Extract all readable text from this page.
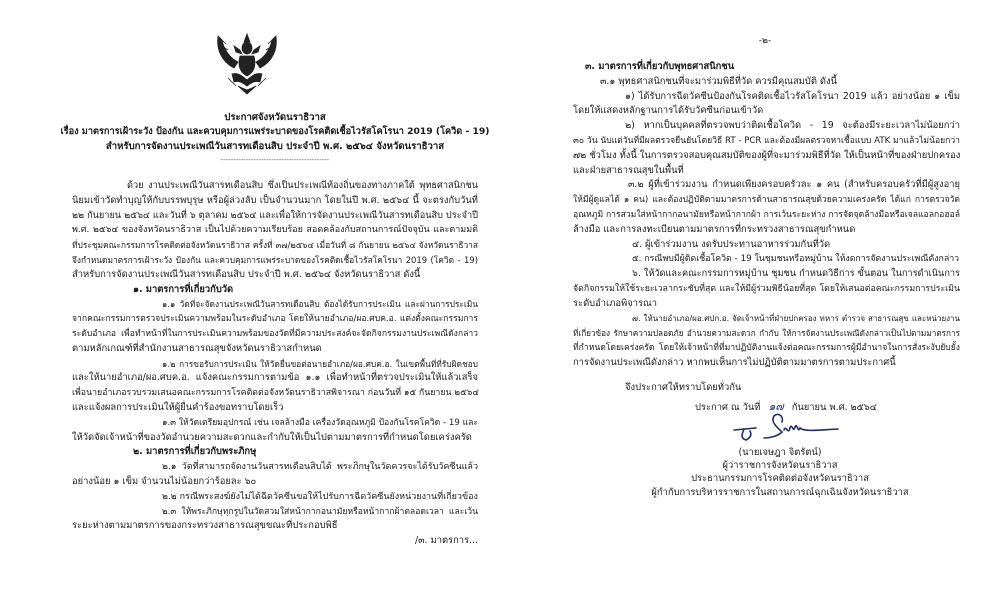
ประกาศจังหวัดนราธิวาส
เรื่อง มาตรการเฝ้าระวัง ป้องกัน และควบคุมการแพร่ระบาดของโรคติดเชื้อไวรัสโคโรนา 2019 (โควิด - 19)
สำหรับการจัดงานประเพณีวันสารทเดือนสิบ ประจำปี พ.ศ. ๒๕๖๔ จังหวัดนราธิวาส
-------------------------------------------
ด้วย งานประเพณีวันสารทเดือนสิบ ซึ่งเป็นประเพณีท้องถิ่นของทางภาคใต้ พุทธศาสนิกชน
นิยมเข้าวัดทำบุญให้กับบรรพบุรุษ หรือผู้ล่วงลับ เป็นจำนวนมาก โดยในปี พ.ศ. ๒๕๖๔ นี้ จะตรงกับวันที่
๒๒ กันยายน ๒๕๖๔ และวันที่ ๖ ตุลาคม ๒๕๖๔ และเพื่อให้การจัดงานประเพณีวันสารทเดือนสิบ ประจำปี
พ.ศ. ๒๕๖๔ ของจังหวัดนราธิวาส เป็นไปด้วยความเรียบร้อย สอดคล้องกับสถานการณ์ปัจจุบัน และตามมติ
ที่ประชุมคณะกรรมการโรคติดต่อจังหวัดนราธิวาส ครั้งที่ ๓๗/๒๕๖๔ เมื่อวันที่ ๘ กันยายน ๒๕๖๔ จังหวัดนราธิวาส
จึงกำหนดมาตรการเฝ้าระวัง ป้องกัน และควบคุมการแพร่ระบาดของโรคติดเชื้อไวรัสโคโรนา 2019 (โควิด - 19)
สำหรับการจัดงานประเพณีวันสารทเดือนสิบ ประจำปี พ.ศ. ๒๕๖๔ จังหวัดนราธิวาส ดังนี้
๑. มาตรการที่เกี่ยวกับวัด
๑.๑ วัดที่จะจัดงานประเพณีวันสารทเดือนสิบ ต้องได้รับการประเมิน และผ่านการประเมิน
จากคณะกรรมการตรวจประเมินความพร้อมในระดับอำเภอ โดยให้นายอำเภอ/ผอ.ศบค.อ. แต่งตั้งคณะกรรมการ
ระดับอำเภอ เพื่อทำหน้าที่ในการประเมินความพร้อมของวัดที่มีความประสงค์จะจัดกิจกรรมงานประเพณีดังกล่าว
ตามหลักเกณฑ์ที่สำนักงานสาธารณสุขจังหวัดนราธิวาสกำหนด
๑.๒ การขอรับการประเมิน ให้วัดยื่นขอต่อนายอำเภอ/ผอ.ศบค.อ. ในเขตพื้นที่ที่รับผิดชอบ
และให้นายอำเภอ/ผอ.ศบค.อ. แจ้งคณะกรรมการตามข้อ ๑.๑ เพื่อทำหน้าที่ตรวจประเมินให้แล้วเสร็จ
เพื่อนายอำเภอรวบรวมเสนอคณะกรรมการโรคติดต่อจังหวัดนราธิวาสพิจารณา ก่อนวันที่ ๑๕ กันยายน ๒๕๖๔
และแจ้งผลการประเมินให้ผู้ยื่นคำร้องขอทราบโดยเร็ว
๑.๓ ให้วัดเตรียมอุปกรณ์ เช่น เจลล้างมือ เครื่องวัดอุณหภูมิ ป้องกันโรคโควิด - 19 และ
ให้วัดจัดเจ้าหน้าที่ของวัดอำนวยความสะดวกและกำกับให้เป็นไปตามมาตรการที่กำหนดโดยเคร่งครัด
๒. มาตรการที่เกี่ยวกับพระภิกษุ
๒.๑ วัดที่สามารถจัดงานวันสารทเดือนสิบได้ พระภิกษุในวัดควรจะได้รับวัคซีนแล้ว
อย่างน้อย ๑ เข็ม จำนวนไม่น้อยกว่าร้อยละ ๖๐
๒.๒ กรณีพระสงฆ์ยังไม่ได้ฉีดวัคซีนขอให้ไปรับการฉีดวัคซีนยังหน่วยงานที่เกี่ยวข้อง
๒.๓ ให้พระภิกษุทุกรูปในวัดสวมใส่หน้ากากอนามัยหรือหน้ากากผ้าตลอดเวลา และเว้น
ระยะห่างตามมาตรการของกระทรวงสาธารณสุขขณะที่ประกอบพิธี
/๓. มาตรการ...
-๒-
๓. มาตรการที่เกี่ยวกับพุทธศาสนิกชน
๓.๑ พุทธศาสนิกชนที่จะมาร่วมพิธีที่วัด ควรมีคุณสมบัติ ดังนี้
๑) ได้รับการฉีดวัคซีนป้องกันโรคติดเชื้อไวรัสโคโรนา 2019 แล้ว อย่างน้อย ๑ เข็ม
โดยให้แสดงหลักฐานการได้รับวัคซีนก่อนเข้าวัด
๒) หากเป็นบุคคลที่ตรวจพบว่าติดเชื้อโควิด - 19 จะต้องมีระยะเวลาไม่น้อยกว่า
๓๐ วัน นับแต่วันที่มีผลตรวจยืนยันโดยวิธี RT - PCR และต้องมีผลตรวจหาเชื้อแบบ ATK มาแล้วไม่น้อยกว่า
๗๒ ชั่วโมง ทั้งนี้ ในการตรวจสอบคุณสมบัติของผู้ที่จะมาร่วมพิธีที่วัด ให้เป็นหน้าที่ของฝ่ายปกครอง
และฝ่ายสาธารณสุขในพื้นที่
๓.๒ ผู้ที่เข้าร่วมงาน กำหนดเพียงครอบครัวละ ๑ คน (สำหรับครอบครัวที่มีผู้สูงอายุ
ให้มีผู้ดูแลได้ ๑ คน) และต้องปฏิบัติตามมาตรการด้านสาธารณสุขด้วยความเคร่งครัด ได้แก่ การตรวจวัด
อุณหภูมิ การสวมใส่หน้ากากอนามัยหรือหน้ากากผ้า การเว้นระยะห่าง การจัดจุดล้างมือหรือเจลแอลกอฮอล์
ล้างมือ และการลงทะเบียนตามมาตรการที่กระทรวงสาธารณสุขกำหนด
๔. ผู้เข้าร่วมงาน งดรับประทานอาหารร่วมกันที่วัด
๕. กรณีพบมีผู้ติดเชื้อโควิด - 19 ในชุมชนหรือหมู่บ้าน ให้งดการจัดงานประเพณีดังกล่าว
๖. ให้วัดและคณะกรรมการหมู่บ้าน ชุมชน กำหนดวิธีการ ขั้นตอน ในการดำเนินการ
จัดกิจกรรมให้ใช้ระยะเวลากระชับที่สุด และให้มีผู้ร่วมพิธีน้อยที่สุด โดยให้เสนอต่อคณะกรรมการประเมิน
ระดับอำเภอพิจารณา
๗. ให้นายอำเภอ/ผอ.ศปก.อ. จัดเจ้าหน้าที่ฝ่ายปกครอง ทหาร ตำรวจ สาธารณสุข และหน่วยงาน
ที่เกี่ยวข้อง รักษาความปลอดภัย อำนวยความสะดวก กำกับ ให้การจัดงานประเพณีดังกล่าวเป็นไปตามมาตรการ
ที่กำหนดโดยเคร่งครัด โดยให้เจ้าหน้าที่ที่มาปฏิบัติงานแจ้งต่อคณะกรรมการผู้มีอำนาจในการสั่งระงับยับยั้ง
การจัดงานประเพณีดังกล่าว หากพบเห็นการไม่ปฏิบัติตามมาตรการตามประกาศนี้
จึงประกาศให้ทราบโดยทั่วกัน
ประกาศ ณ วันที่ ๑๗ กันยายน พ.ศ. ๒๕๖๔
(นายเจษฎา จิตรัตน์)
ผู้ว่าราชการจังหวัดนราธิวาส
ประธานกรรมการโรคติดต่อจังหวัดนราธิวาส
ผู้กำกับการบริหารราชการในสถานการณ์ฉุกเฉินจังหวัดนราธิวาส
